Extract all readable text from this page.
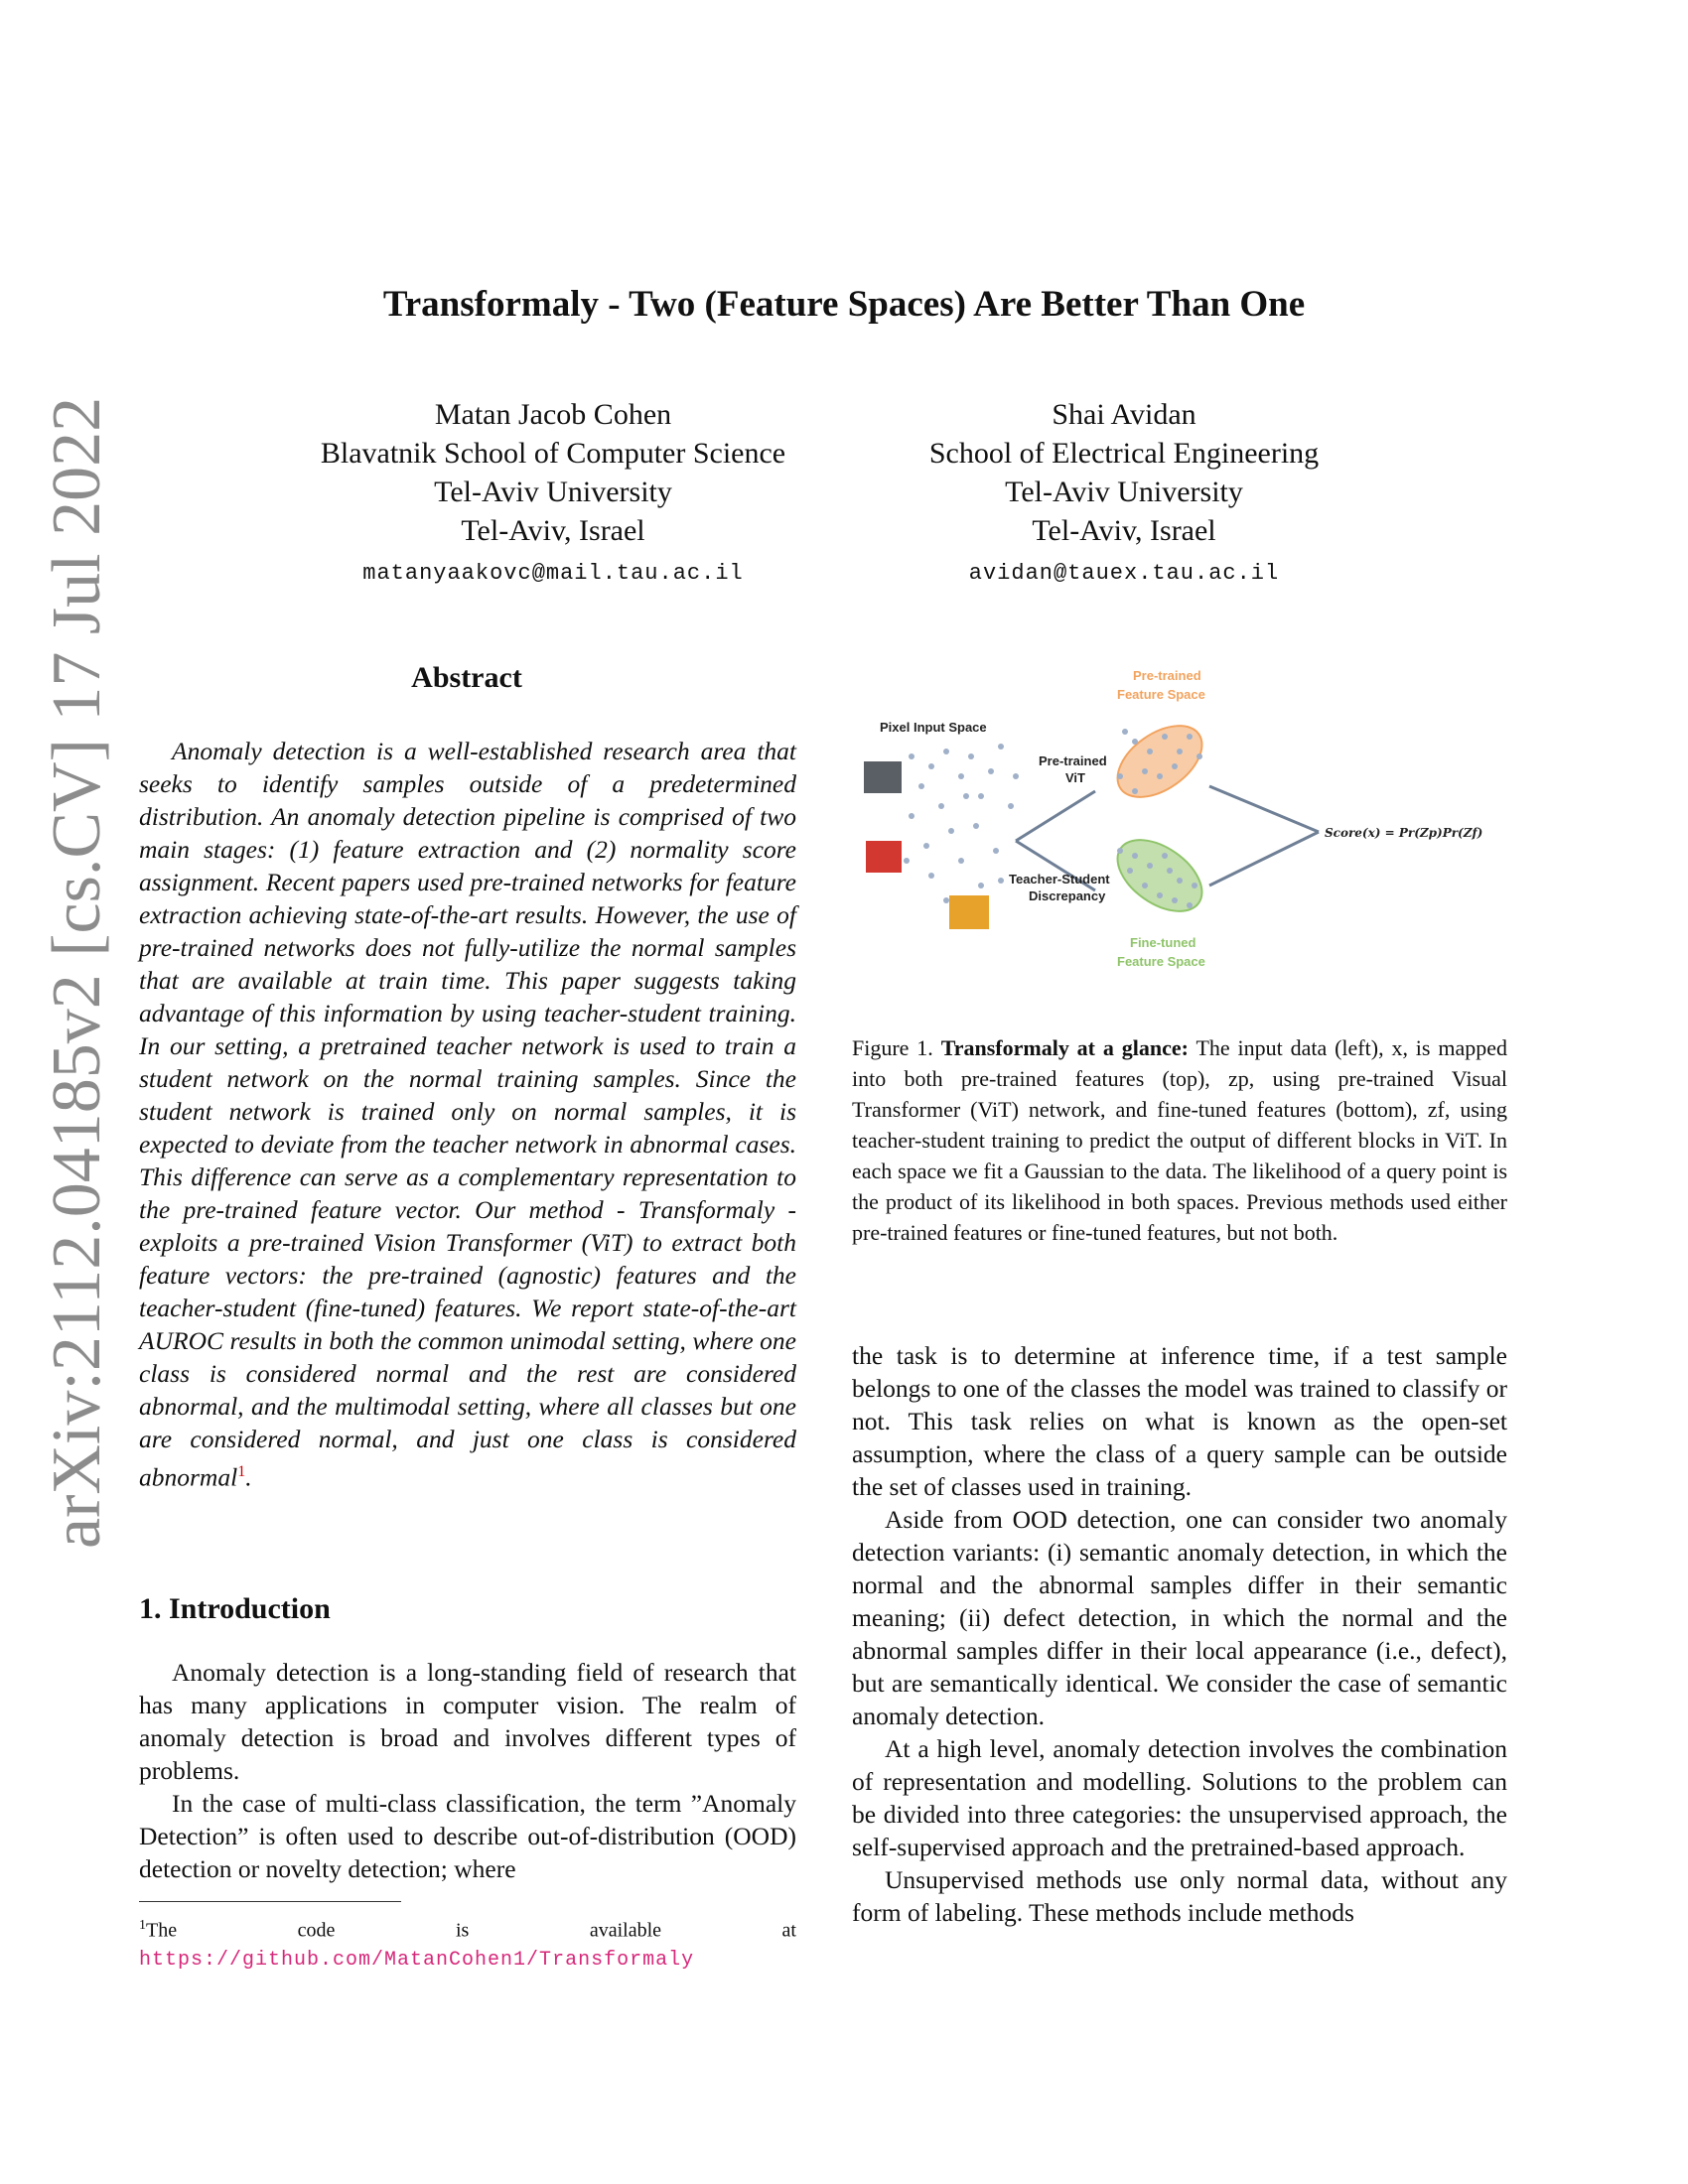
arXiv:2112.04185v2 [cs.CV] 17 Jul 2022
Transformaly - Two (Feature Spaces) Are Better Than One
Matan Jacob Cohen
Blavatnik School of Computer Science
Tel-Aviv University
Tel-Aviv, Israel
matanyaakovc@mail.tau.ac.il
Shai Avidan
School of Electrical Engineering
Tel-Aviv University
Tel-Aviv, Israel
avidan@tauex.tau.ac.il
Abstract

Anomaly detection is a well-established research area that seeks to identify samples outside of a predetermined distribution. An anomaly detection pipeline is comprised of two main stages: (1) feature extraction and (2) normality score assignment. Recent papers used pre-trained networks for feature extraction achieving state-of-the-art results. However, the use of pre-trained networks does not fully-utilize the normal samples that are available at train time. This paper suggests taking advantage of this information by using teacher-student training. In our setting, a pretrained teacher network is used to train a student network on the normal training samples. Since the student network is trained only on normal samples, it is expected to deviate from the teacher network in abnormal cases. This difference can serve as a complementary representation to the pre-trained feature vector. Our method - Transformaly - exploits a pre-trained Vision Transformer (ViT) to extract both feature vectors: the pre-trained (agnostic) features and the teacher-student (fine-tuned) features. We report state-of-the-art AUROC results in both the common unimodal setting, where one class is considered normal and the rest are considered abnormal, and the multimodal setting, where all classes but one are considered normal, and just one class is considered abnormal$^1$.

1. Introduction

Anomaly detection is a long-standing field of research that has many applications in computer vision. The realm of anomaly detection is broad and involves different types of problems.

In the case of multi-class classification, the term ”Anomaly Detection” is often used to describe out-of-distribution (OOD) detection or novelty detection; where

$^1$The code is available at https://github.com/MatanCohen1/Transformaly
Pixel Input Space
Pre-trained
ViT
Teacher-Student
Discrepancy
Pre-trained
Feature Space
Fine-tuned
Feature Space
Score(x) = Pr(Zp)Pr(Zf)
Figure 1. Transformaly at a glance: The input data (left), x, is mapped into both pre-trained features (top), zp, using pre-trained Visual Transformer (ViT) network, and fine-tuned features (bottom), zf, using teacher-student training to predict the output of different blocks in ViT. In each space we fit a Gaussian to the data. The likelihood of a query point is the product of its likelihood in both spaces. Previous methods used either pre-trained features or fine-tuned features, but not both.

the task is to determine at inference time, if a test sample belongs to one of the classes the model was trained to classify or not. This task relies on what is known as the open-set assumption, where the class of a query sample can be outside the set of classes used in training.

Aside from OOD detection, one can consider two anomaly detection variants: (i) semantic anomaly detection, in which the normal and the abnormal samples differ in their semantic meaning; (ii) defect detection, in which the normal and the abnormal samples differ in their local appearance (i.e., defect), but are semantically identical. We consider the case of semantic anomaly detection.

At a high level, anomaly detection involves the combination of representation and modelling. Solutions to the problem can be divided into three categories: the unsupervised approach, the self-supervised approach and the pretrained-based approach.

Unsupervised methods use only normal data, without any form of labeling. These methods include methods
